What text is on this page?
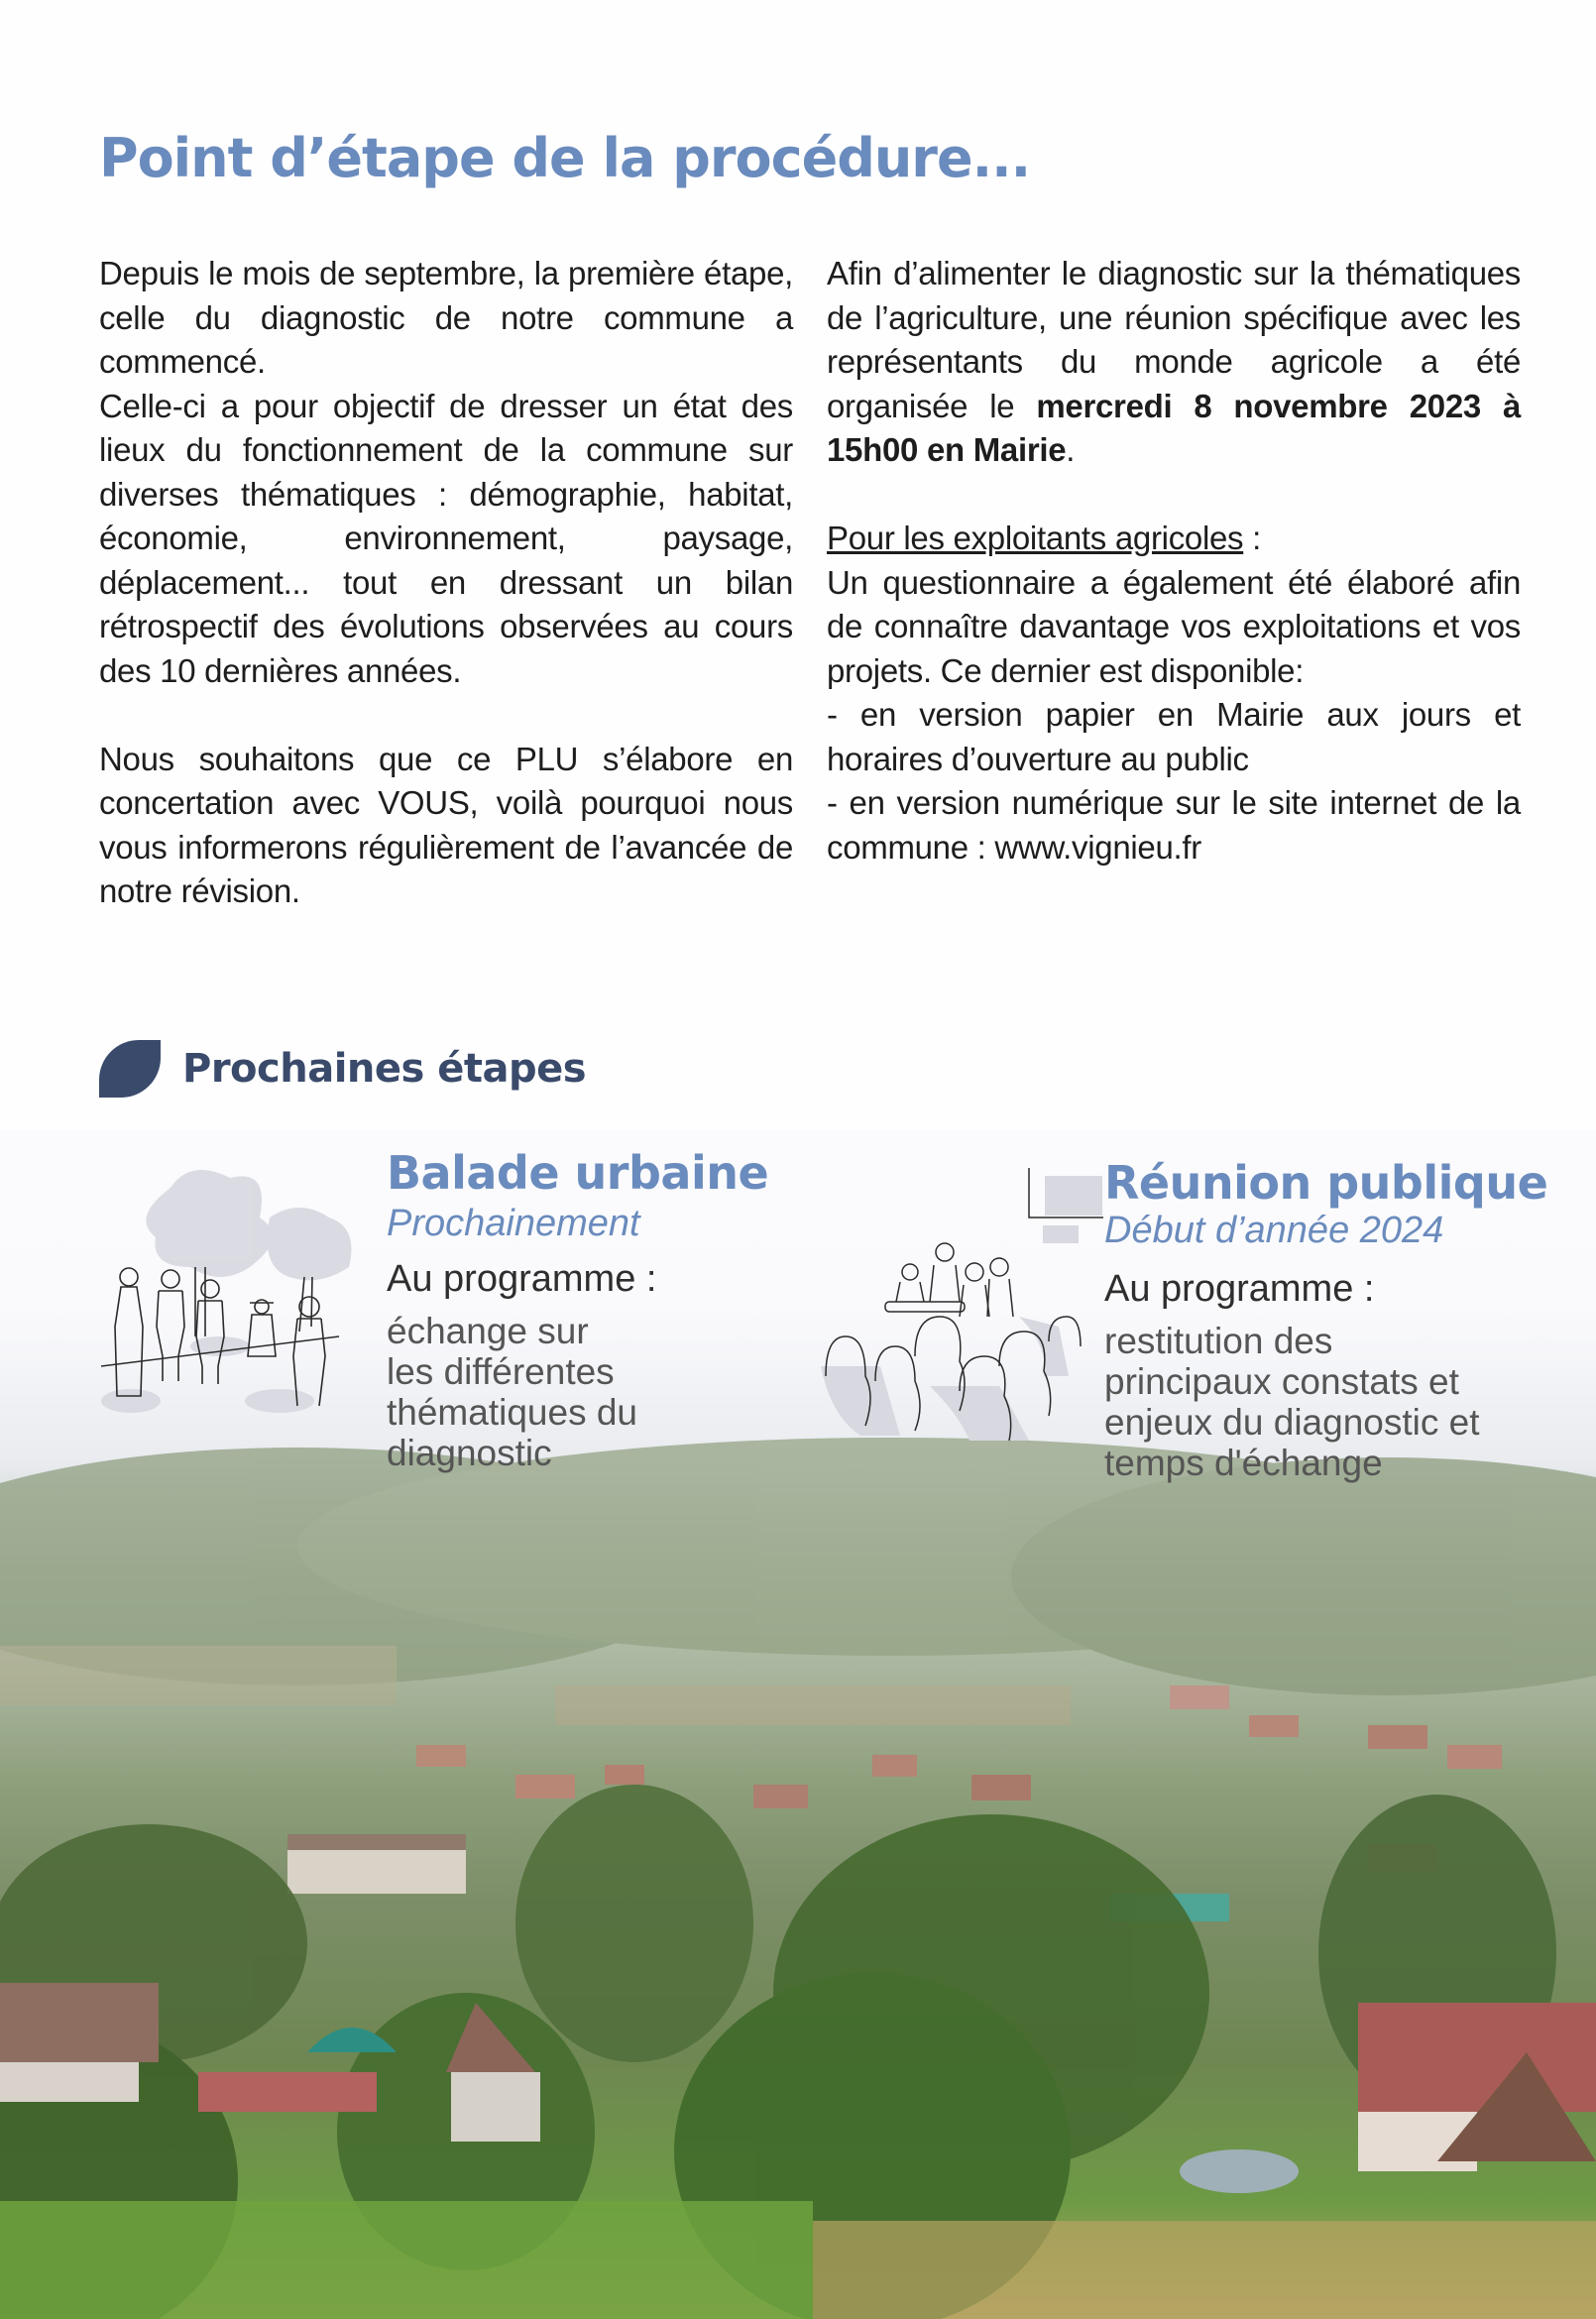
Point d’étape de la procédure...

Depuis le mois de septembre, la première étape, celle du diagnostic de notre commune a commencé.

Celle-ci a pour objectif de dresser un état des lieux du fonctionnement de la commune sur diverses thématiques : démographie, habitat, économie, environnement, paysage, déplacement... tout en dressant un bilan rétrospectif des évolutions observées au cours des 10 dernières années.

Nous souhaitons que ce PLU s’élabore en concertation avec VOUS, voilà pourquoi nous vous informerons régulièrement de l’avancée de notre révision.

Afin d’alimenter le diagnostic sur la thématiques de l’agriculture, une réunion spécifique avec les représentants du monde agricole a été organisée le mercredi 8 novembre 2023 à 15h00 en Mairie.

Pour les exploitants agricoles :

Un questionnaire a également été élaboré afin de connaître davantage vos exploitations et vos projets. Ce dernier est disponible:

- en version papier en Mairie aux jours et horaires d’ouverture au public

- en version numérique sur le site internet de la commune : www.vignieu.fr

Prochaines étapes
Balade urbaine
Prochainement
Au programme :
échange sur
les différentes
thématiques du
diagnostic
Réunion publique
Début d’année 2024
Au programme :
restitution des
principaux constats et
enjeux du diagnostic et
temps d'échange
